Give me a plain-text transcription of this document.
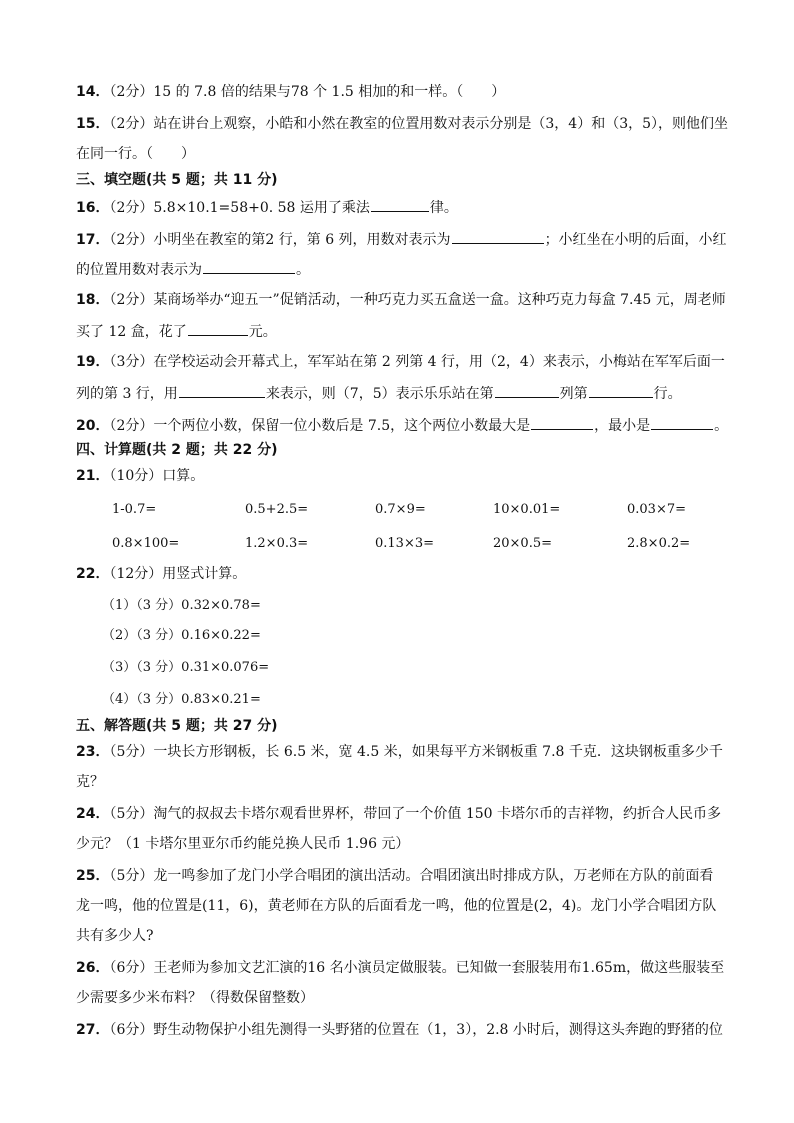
14．（2分）15 的 7.8 倍的结果与78 个 1.5 相加的和一样。（　　）
15．（2分）站在讲台上观察，小皓和小然在教室的位置用数对表示分别是（3，4）和（3，5），则他们坐
在同一行。（　　）
三、填空题(共 5 题；共 11 分)
16．（2分）5.8×10.1=58+0. 58 运用了乘法	律。
17．（2分）小明坐在教室的第2 行，第 6 列，用数对表示为	；小红坐在小明的后面，小红
的位置用数对表示为	。
18．（2分）某商场举办“迎五一”促销活动，一种巧克力买五盒送一盒。这种巧克力每盒 7.45 元，周老师
买了 12 盒，花了	元。
19．（3分）在学校运动会开幕式上，军军站在第 2 列第 4 行，用（2，4）来表示，小梅站在军军后面一
列的第 3 行，用	来表示，则（7，5）表示乐乐站在第	列第	行。
20．（2分）一个两位小数，保留一位小数后是 7.5，这个两位小数最大是	，最小是	。
四、计算题(共 2 题；共 22 分)
21．（10分）口算。
1-0.7=	0.5+2.5=	0.7×9=	10×0.01=	0.03×7=
0.8×100=	1.2×0.3=	0.13×3=	20×0.5=	2.8×0.2=
22．（12分）用竖式计算。
（1）（3 分）0.32×0.78=
（2）（3 分）0.16×0.22=
（3）（3 分）0.31×0.076=
（4）（3 分）0.83×0.21=
五、解答题(共 5 题；共 27 分)
23．（5分）一块长方形钢板，长 6.5 米，宽 4.5 米，如果每平方米钢板重 7.8 千克．这块钢板重多少千
克？
24．（5分）淘气的叔叔去卡塔尔观看世界杯，带回了一个价值 150 卡塔尔币的吉祥物，约折合人民币多
少元？（1 卡塔尔里亚尔币约能兑换人民币 1.96 元）
25．（5分）龙一鸣参加了龙门小学合唱团的演出活动。合唱团演出时排成方队，万老师在方队的前面看
龙一鸣，他的位置是(11，6)，黄老师在方队的后面看龙一鸣，他的位置是(2，4)。龙门小学合唱团方队
共有多少人?
26．（6分）王老师为参加文艺汇演的16 名小演员定做服装。已知做一套服装用布1.65m，做这些服装至
少需要多少米布料？（得数保留整数）
27．（6分）野生动物保护小组先测得一头野猪的位置在（1，3），2.8 小时后，测得这头奔跑的野猪的位
